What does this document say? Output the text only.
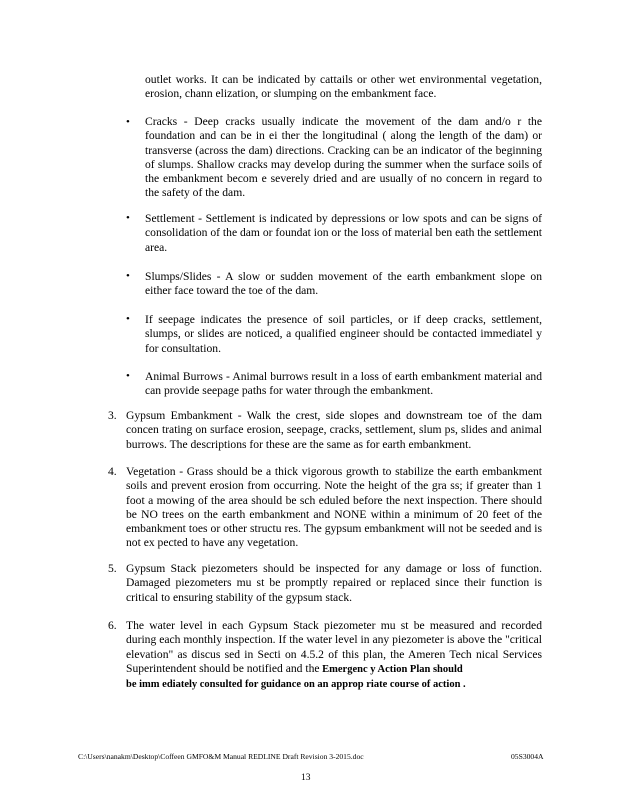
outlet works. It can be indicated by cattails or other wet environmental vegetation, erosion, chann elization, or slumping on the embankment face.
• Cracks - Deep cracks usually indicate the movement of the dam and/o r the foundation and can be in ei ther the longitudinal ( along the length of the dam) or transverse (across the dam) directions. Cracking can be an indicator of the beginning of slumps. Shallow cracks may develop during the summer when the surface soils of the embankment becom e severely dried and are usually of no concern in regard to the safety of the dam.
• Settlement - Settlement is indicated by depressions or low spots and can be signs of consolidation of the dam or foundat ion or the loss of material ben eath the settlement area.
• Slumps/Slides - A slow or sudden movement of the earth embankment slope on either face toward the toe of the dam.
• If seepage indicates the presence of soil particles, or if deep cracks, settlement, slumps, or slides are noticed, a qualified engineer should be contacted immediatel y for consultation.
• Animal Burrows - Animal burrows result in a loss of earth embankment material and can provide seepage paths for water through the embankment.
3. Gypsum Embankment - Walk the crest, side slopes and downstream toe of the dam concen trating on surface erosion, seepage, cracks, settlement, slum ps, slides and animal burrows. The descriptions for these are the same as for earth embankment.
4. Vegetation - Grass should be a thick vigorous growth to stabilize the earth embankment soils and prevent erosion from occurring. Note the height of the gra ss; if greater than 1 foot a mowing of the area should be sch eduled before the next inspection. There should be NO trees on the earth embankment and NONE within a minimum of 20 feet of the embankment toes or other structu res. The gypsum embankment will not be seeded and is not ex pected to have any vegetation.
5. Gypsum Stack piezometers should be inspected for any damage or loss of function. Damaged piezometers mu st be promptly repaired or replaced since their function is critical to ensuring stability of the gypsum stack.
6. The water level in each Gypsum Stack piezometer mu st be measured and recorded during each monthly inspection. If the water level in any piezometer is above the "critical elevation" as discus sed in Secti on 4.5.2 of this plan, the Ameren Tech nical Services Superintendent should be notified and the Emergenc y Action Plan should
be imm ediately consulted for guidance on an approp riate course of action .
C:\Users\nanakm\Desktop\Coffeen GMFO&M Manual REDLINE Draft Revision 3-2015.doc	05S3004A
13
